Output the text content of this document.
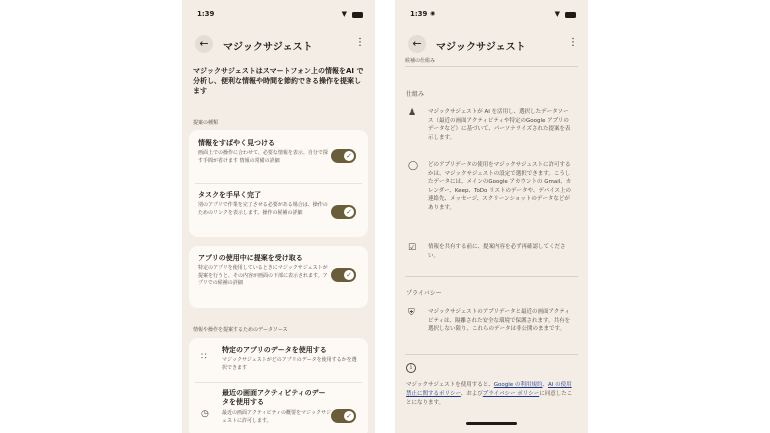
1:39	▼
←	マジックサジェスト	⋮
マジックサジェストはスマートフォン上の情報をAI で分析し、便利な情報や時間を節約できる操作を提案します
提案の種類
情報をすばやく見つける
画面上での操作に合わせて、必要な情報を表示。自分で探す手間が省けます 情報の常備の詳細
✓
タスクを手早く完了
別のアプリで作業を完了させる必要がある場合は、操作のためのリンクを表示します。操作の候補の詳細	✓
アプリの使用中に提案を受け取る
特定のアプリを使用しているときにマジックサジェストが提案を行うと、その内容が画面の下部に表示されます。アプリでの候補の詳細
✓
情報や操作を提案するためのデータソース
∷
特定のアプリのデータを使用する
マジックサジェストがどのアプリのデータを使用するかを選択できます
◷
最近の画面アクティビティのデータを使用する
最近の画面アクティビティの概要をマジックサジェストに許可します。
✓
1:39 ◉	▼
←	マジックサジェスト	⋮
候補の仕組み
仕組み
♟ マジックサジェストが AI を活用し、選択したデータソース（最近の画面アクティビティや特定のGoogle アプリのデータなど）に基づいて、パーソナライズされた提案を表示します。
◯ どのアプリデータの使用をマジックサジェストに許可するかは、マジックサジェストの設定で選択できます。こうしたデータには、メインのGoogle アカウントの Gmail、カレンダー、Keep、ToDo リストのデータや、デバイス上の連絡先、メッセージ、スクリーンショットのデータなどがあります。
☑ 情報を共有する前に、提案内容を必ず再確認してください。
プライバシー
⛨ マジックサジェストのアプリデータと最近の画面アクティビティは、隔離された安全な環境で保護されます。共有を選択しない限り、これらのデータは非公開のままです。
i
マジックサジェストを使用すると、Google の利用規約、AI の使用禁止に関するポリシー、およびプライバシー ポリシーに同意したことになります。
